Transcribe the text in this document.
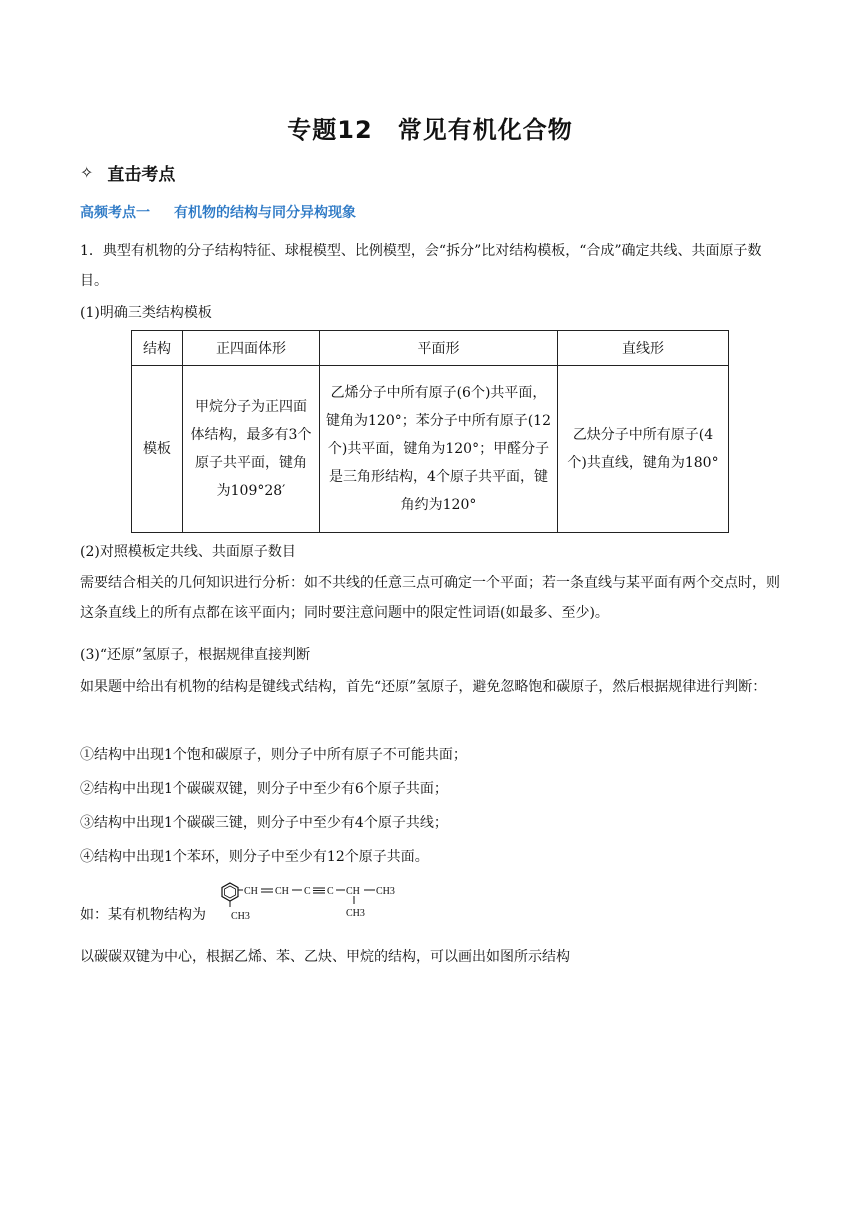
专题12　常见有机化合物
✧ 直击考点
高频考点一 有机物的结构与同分异构现象
1．典型有机物的分子结构特征、球棍模型、比例模型，会“拆分”比对结构模板，“合成”确定共线、共面原子数目。
(1)明确三类结构模板
结构	正四面体形	平面形	直线形
模板	甲烷分子为正四面体结构，最多有3个原子共平面，键角为109°28′	乙烯分子中所有原子(6个)共平面，键角为120°；苯分子中所有原子(12个)共平面，键角为120°；甲醛分子是三角形结构，4个原子共平面，键角约为120°	乙炔分子中所有原子(4个)共直线，键角为180°
(2)对照模板定共线、共面原子数目
需要结合相关的几何知识进行分析：如不共线的任意三点可确定一个平面；若一条直线与某平面有两个交点时，则这条直线上的所有点都在该平面内；同时要注意问题中的限定性词语(如最多、至少)。
(3)“还原”氢原子，根据规律直接判断
如果题中给出有机物的结构是键线式结构，首先“还原”氢原子，避免忽略饱和碳原子，然后根据规律进行判断：
①结构中出现1个饱和碳原子，则分子中所有原子不可能共面；
②结构中出现1个碳碳双键，则分子中至少有6个原子共面；
③结构中出现1个碳碳三键，则分子中至少有4个原子共线；
④结构中出现1个苯环，则分子中至少有12个原子共面。
如：某有机物结构为	CH3
CH CH C C CH CH3
CH3
以碳碳双键为中心，根据乙烯、苯、乙炔、甲烷的结构，可以画出如图所示结构
